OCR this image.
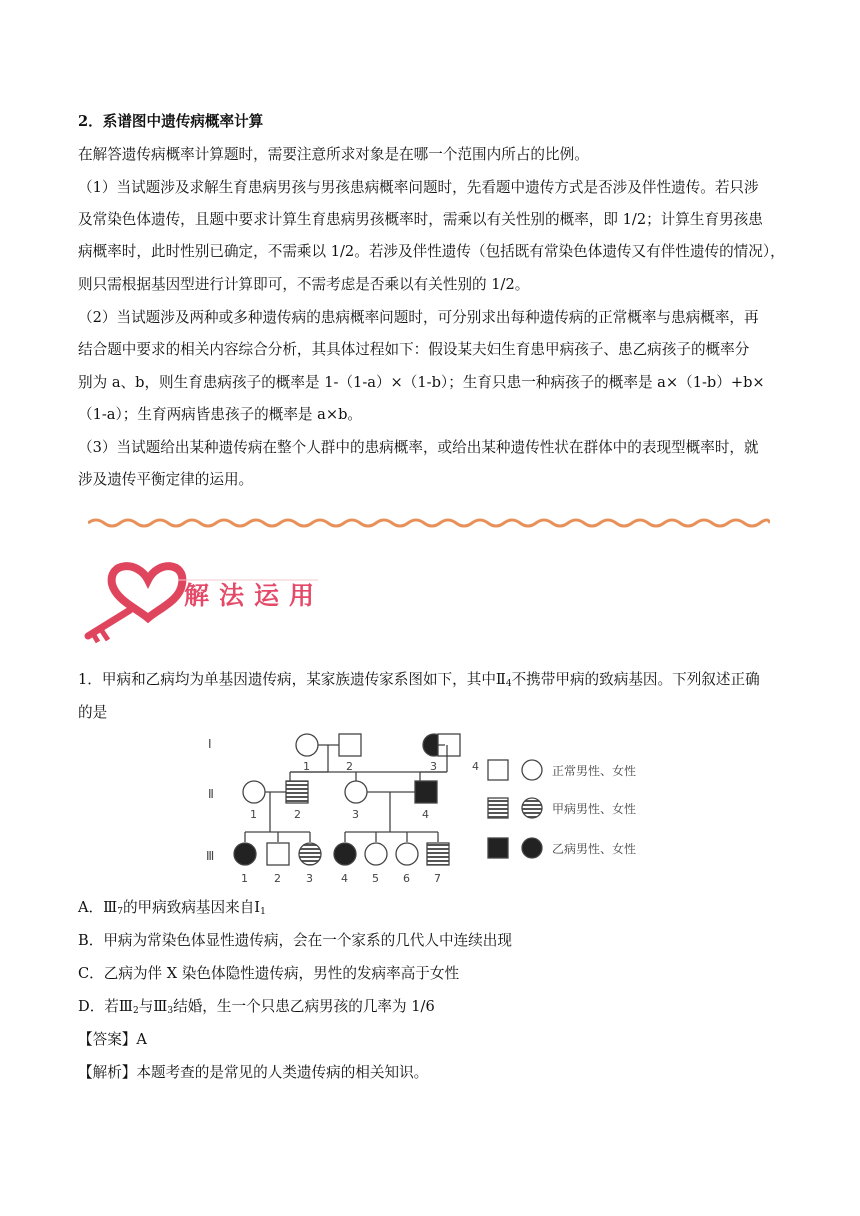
2．系谱图中遗传病概率计算

在解答遗传病概率计算题时，需要注意所求对象是在哪一个范围内所占的比例。

（1）当试题涉及求解生育患病男孩与男孩患病概率问题时，先看题中遗传方式是否涉及伴性遗传。若只涉

及常染色体遗传，且题中要求计算生育患病男孩概率时，需乘以有关性别的概率，即 1/2；计算生育男孩患

病概率时，此时性别已确定，不需乘以 1/2。若涉及伴性遗传（包括既有常染色体遗传又有伴性遗传的情况），

则只需根据基因型进行计算即可，不需考虑是否乘以有关性别的 1/2。

（2）当试题涉及两种或多种遗传病的患病概率问题时，可分别求出每种遗传病的正常概率与患病概率，再

结合题中要求的相关内容综合分析，其具体过程如下：假设某夫妇生育患甲病孩子、患乙病孩子的概率分

别为 a、b，则生育患病孩子的概率是 1-（1-a）×（1-b）；生育只患一种病孩子的概率是 a×（1-b）+b×

（1-a）；生育两病皆患孩子的概率是 a×b。

（3）当试题给出某种遗传病在整个人群中的患病概率，或给出某种遗传性状在群体中的表现型概率时，就

涉及遗传平衡定律的运用。

解法运用

1．甲病和乙病均为单基因遗传病，某家族遗传家系图如下，其中$Ⅱ_4$不携带甲病的致病基因。下列叙述正确

的是

Ⅰ
Ⅱ
Ⅲ
1	2	3	4
1	2	3	4
1 2 3	4 5 6 7
正常男性、女性
甲病男性、女性
乙病男性、女性

A．$Ⅲ_7$的甲病致病基因来自$Ⅰ_1$

B．甲病为常染色体显性遗传病，会在一个家系的几代人中连续出现

C．乙病为伴 X 染色体隐性遗传病，男性的发病率高于女性

D．若$Ⅲ_2$与$Ⅲ_3$结婚，生一个只患乙病男孩的几率为 1/6

【答案】A

【解析】本题考查的是常见的人类遗传病的相关知识。
